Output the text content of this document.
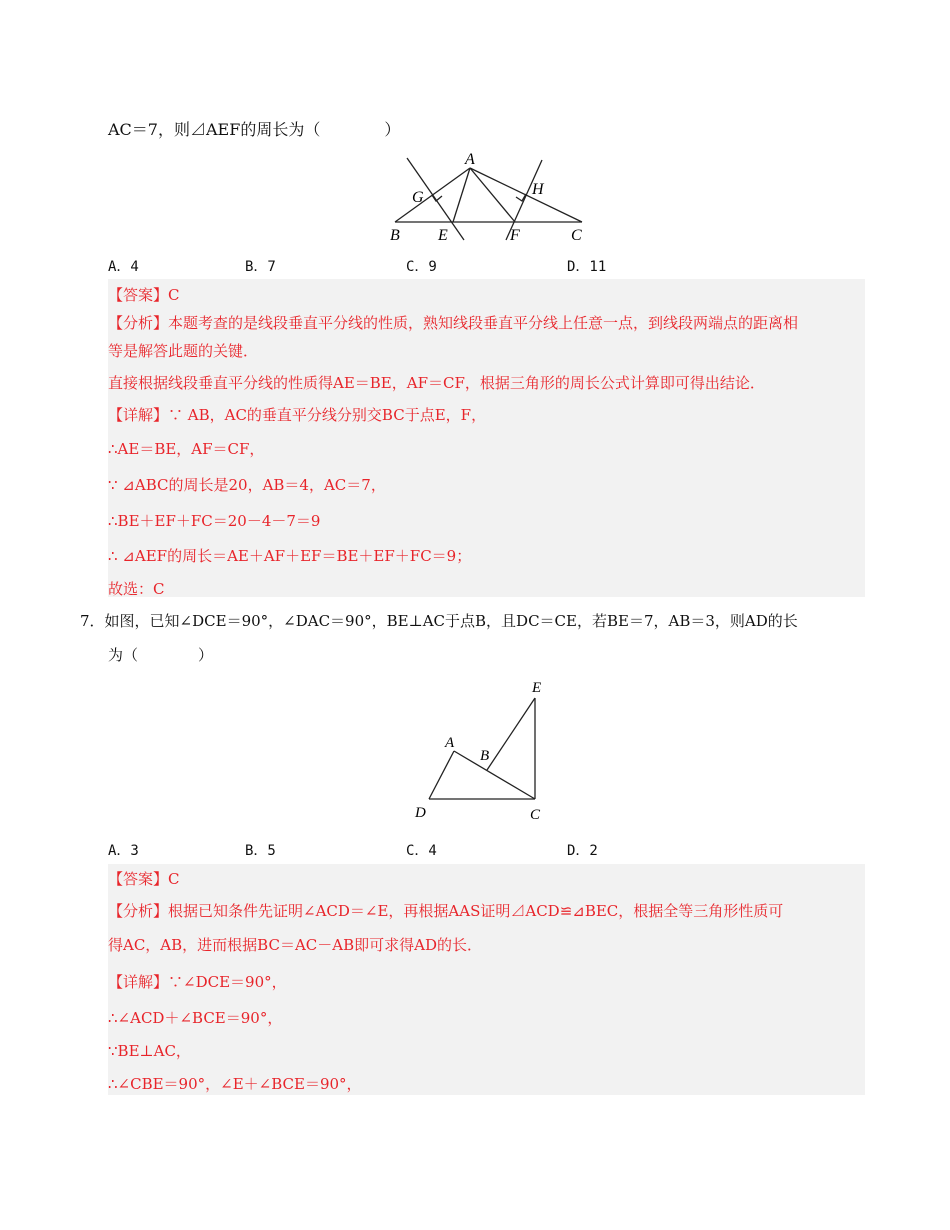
AC＝7，则⊿AEF的周长为（　　　　）
A
B	C
E	F
G	H
A．4	B．7	C．9	D．11
【答案】C
【分析】本题考查的是线段垂直平分线的性质，熟知线段垂直平分线上任意一点，到线段两端点的距离相
等是解答此题的关键．
直接根据线段垂直平分线的性质得AE＝BE，AF＝CF，根据三角形的周长公式计算即可得出结论．
【详解】∵ AB，AC的垂直平分线分别交BC于点E，F，
∴AE＝BE，AF＝CF，
∵ ⊿ABC的周长是20，AB＝4，AC＝7，
∴BE＋EF＋FC＝20－4－7＝9
∴ ⊿AEF的周长＝AE＋AF＋EF＝BE＋EF＋FC＝9；
故选：C
7．如图，已知∠DCE＝90°，∠DAC＝90°，BE⊥AC于点B，且DC＝CE，若BE＝7，AB＝3，则AD的长
为（　　　　）
A
B
C
D
E
A．3	B．5	C．4	D．2
【答案】C
【分析】根据已知条件先证明∠ACD＝∠E，再根据AAS证明⊿ACD≌⊿BEC，根据全等三角形性质可
得AC，AB，进而根据BC＝AC－AB即可求得AD的长．
【详解】∵∠DCE＝90°，
∴∠ACD＋∠BCE＝90°，
∵BE⊥AC，
∴∠CBE＝90°，∠E＋∠BCE＝90°，
